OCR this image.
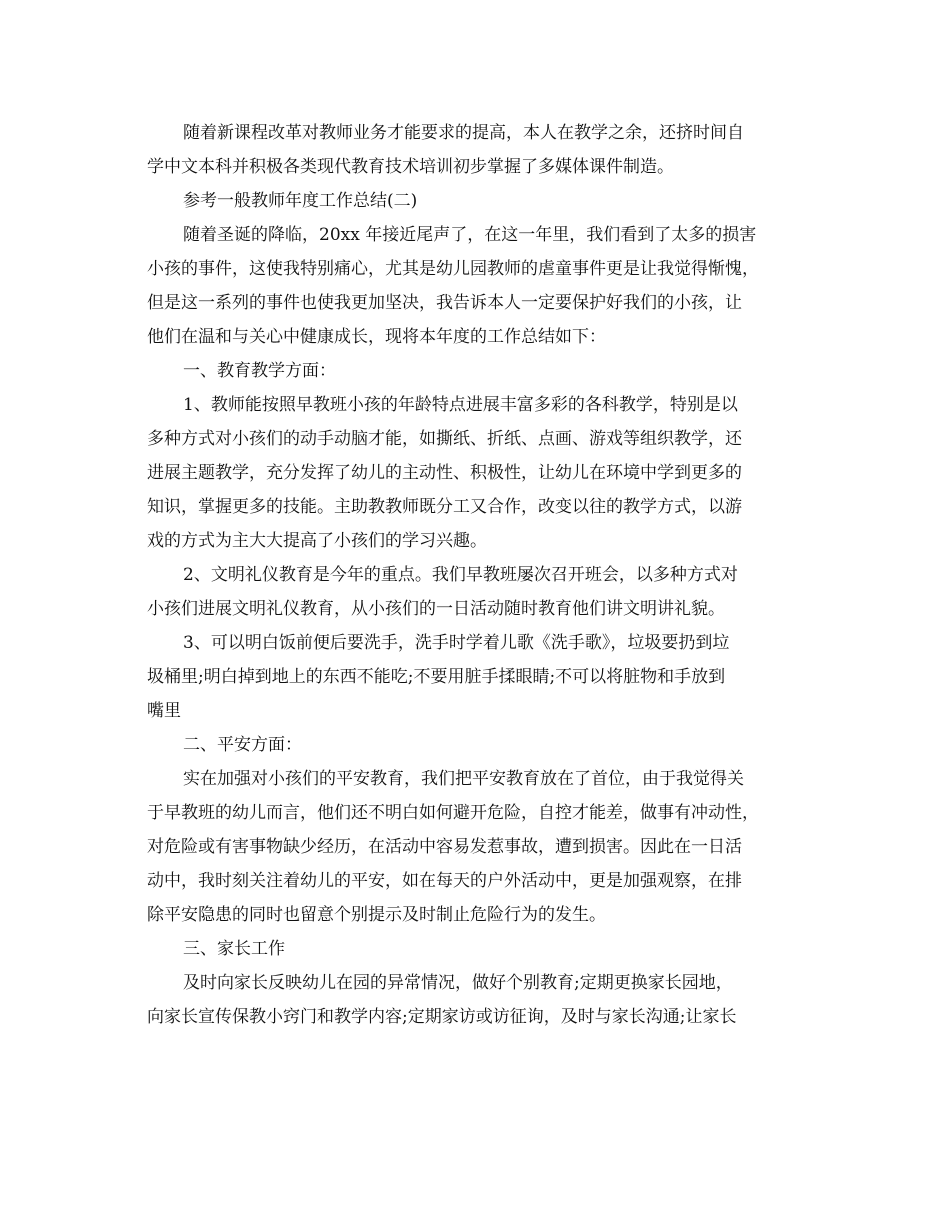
随着新课程改革对教师业务才能要求的提高，本人在教学之余，还挤时间自
学中文本科并积极各类现代教育技术培训初步掌握了多媒体课件制造。
参考一般教师年度工作总结(二)
随着圣诞的降临，20xx 年接近尾声了，在这一年里，我们看到了太多的损害
小孩的事件，这使我特别痛心，尤其是幼儿园教师的虐童事件更是让我觉得惭愧，
但是这一系列的事件也使我更加坚决，我告诉本人一定要保护好我们的小孩，让
他们在温和与关心中健康成长，现将本年度的工作总结如下：
一、教育教学方面：
1、教师能按照早教班小孩的年龄特点进展丰富多彩的各科教学，特别是以
多种方式对小孩们的动手动脑才能，如撕纸、折纸、点画、游戏等组织教学，还
进展主题教学，充分发挥了幼儿的主动性、积极性，让幼儿在环境中学到更多的
知识，掌握更多的技能。主助教教师既分工又合作，改变以往的教学方式，以游
戏的方式为主大大提高了小孩们的学习兴趣。
2、文明礼仪教育是今年的重点。我们早教班屡次召开班会，以多种方式对
小孩们进展文明礼仪教育，从小孩们的一日活动随时教育他们讲文明讲礼貌。
3、可以明白饭前便后要洗手，洗手时学着儿歌《洗手歌》，垃圾要扔到垃
圾桶里;明白掉到地上的东西不能吃;不要用脏手揉眼睛;不可以将脏物和手放到
嘴里
二、平安方面：
实在加强对小孩们的平安教育，我们把平安教育放在了首位，由于我觉得关
于早教班的幼儿而言，他们还不明白如何避开危险，自控才能差，做事有冲动性，
对危险或有害事物缺少经历，在活动中容易发惹事故，遭到损害。因此在一日活
动中，我时刻关注着幼儿的平安，如在每天的户外活动中，更是加强观察，在排
除平安隐患的同时也留意个别提示及时制止危险行为的发生。
三、家长工作
及时向家长反映幼儿在园的异常情况，做好个别教育;定期更换家长园地，
向家长宣传保教小窍门和教学内容;定期家访或访征询，及时与家长沟通;让家长
